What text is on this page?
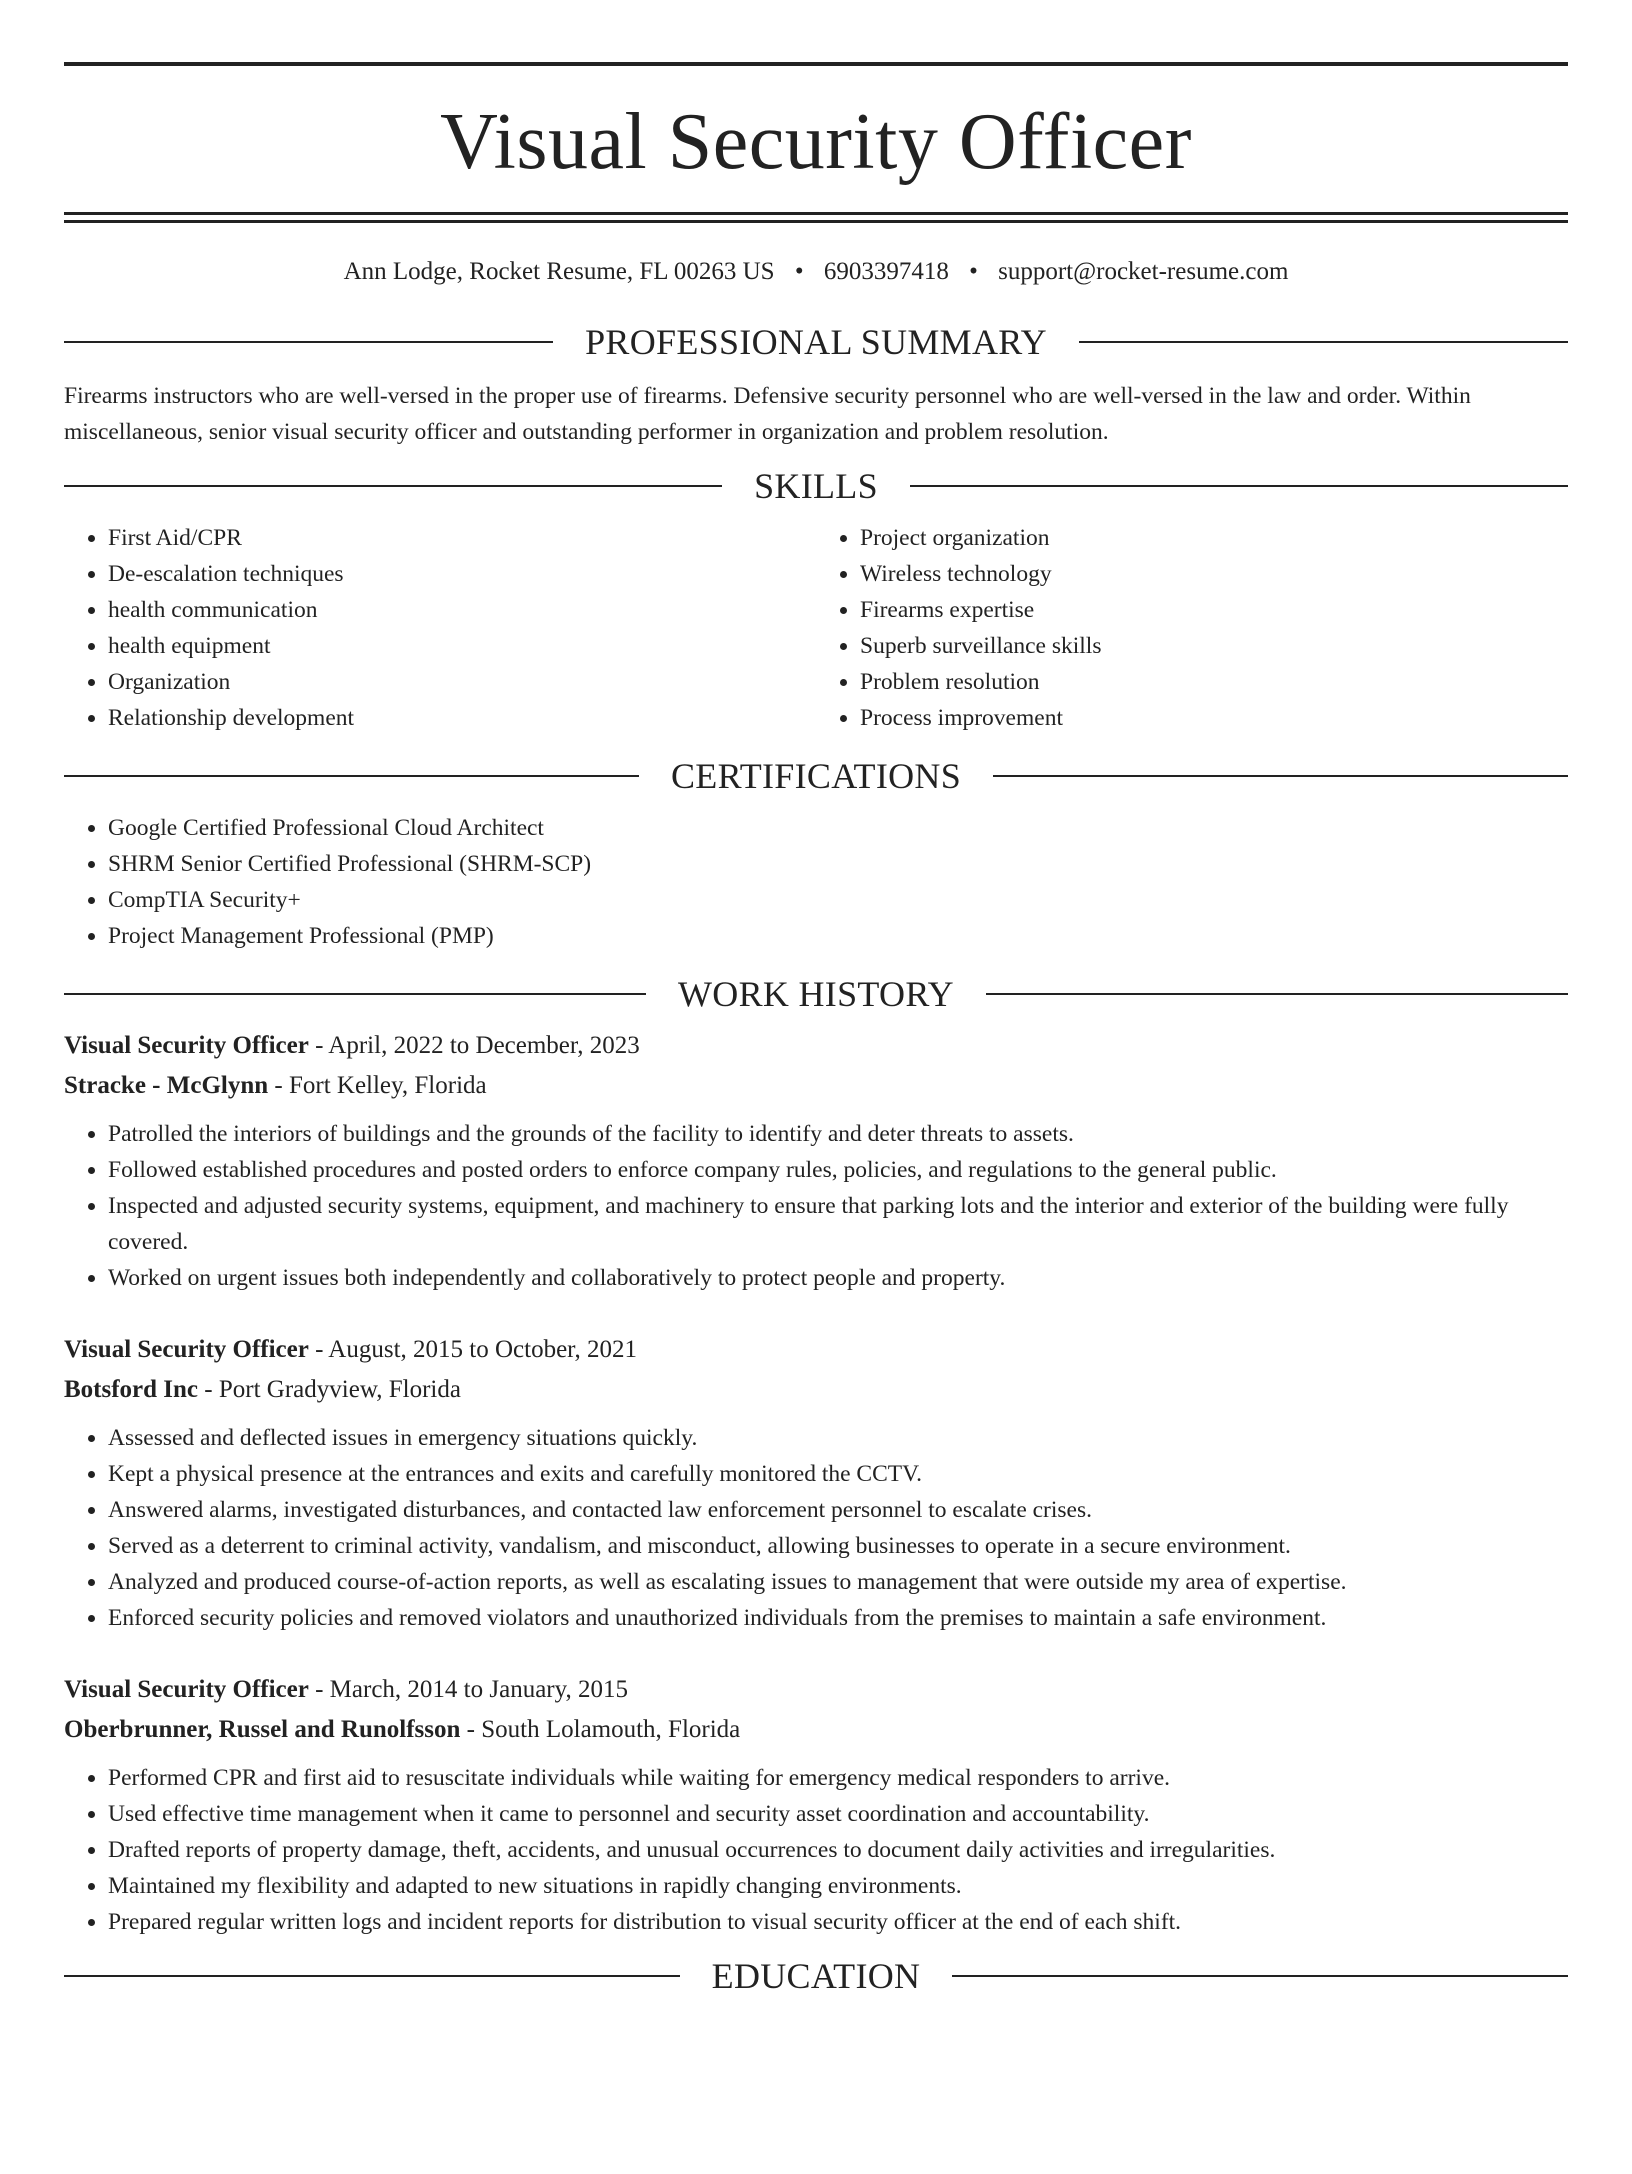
Visual Security Officer
Ann Lodge, Rocket Resume, FL 00263 US • 6903397418 • support@rocket-resume.com
PROFESSIONAL SUMMARY

Firearms instructors who are well-versed in the proper use of firearms. Defensive security personnel who are well-versed in the law and order. Within miscellaneous, senior visual security officer and outstanding performer in organization and problem resolution.

SKILLS
• First Aid/CPR
• De-escalation techniques
• health communication
• health equipment
• Organization
• Relationship development
• Project organization
• Wireless technology
• Firearms expertise
• Superb surveillance skills
• Problem resolution
• Process improvement
CERTIFICATIONS
• Google Certified Professional Cloud Architect
• SHRM Senior Certified Professional (SHRM-SCP)
• CompTIA Security+
• Project Management Professional (PMP)
WORK HISTORY
Visual Security Officer - April, 2022 to December, 2023
Stracke - McGlynn - Fort Kelley, Florida
• Patrolled the interiors of buildings and the grounds of the facility to identify and deter threats to assets.
• Followed established procedures and posted orders to enforce company rules, policies, and regulations to the general public.
• Inspected and adjusted security systems, equipment, and machinery to ensure that parking lots and the interior and exterior of the building were fully covered.
• Worked on urgent issues both independently and collaboratively to protect people and property.
Visual Security Officer - August, 2015 to October, 2021
Botsford Inc - Port Gradyview, Florida
• Assessed and deflected issues in emergency situations quickly.
• Kept a physical presence at the entrances and exits and carefully monitored the CCTV.
• Answered alarms, investigated disturbances, and contacted law enforcement personnel to escalate crises.
• Served as a deterrent to criminal activity, vandalism, and misconduct, allowing businesses to operate in a secure environment.
• Analyzed and produced course-of-action reports, as well as escalating issues to management that were outside my area of expertise.
• Enforced security policies and removed violators and unauthorized individuals from the premises to maintain a safe environment.
Visual Security Officer - March, 2014 to January, 2015
Oberbrunner, Russel and Runolfsson - South Lolamouth, Florida
• Performed CPR and first aid to resuscitate individuals while waiting for emergency medical responders to arrive.
• Used effective time management when it came to personnel and security asset coordination and accountability.
• Drafted reports of property damage, theft, accidents, and unusual occurrences to document daily activities and irregularities.
• Maintained my flexibility and adapted to new situations in rapidly changing environments.
• Prepared regular written logs and incident reports for distribution to visual security officer at the end of each shift.
EDUCATION
